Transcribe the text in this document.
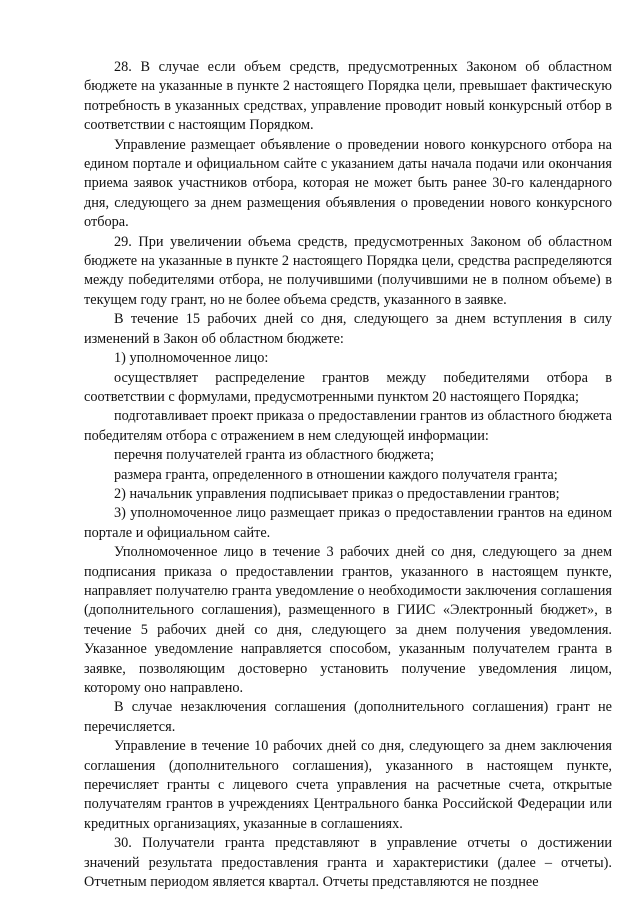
28. В случае если объем средств, предусмотренных Законом об областном бюджете на указанные в пункте 2 настоящего Порядка цели, превышает фактическую потребность в указанных средствах, управление проводит новый конкурсный отбор в соответствии с настоящим Порядком.

Управление размещает объявление о проведении нового конкурсного отбора на едином портале и официальном сайте с указанием даты начала подачи или окончания приема заявок участников отбора, которая не может быть ранее 30-го календарного дня, следующего за днем размещения объявления о проведении нового конкурсного отбора.

29. При увеличении объема средств, предусмотренных Законом об областном бюджете на указанные в пункте 2 настоящего Порядка цели, средства распределяются между победителями отбора, не получившими (получившими не в полном объеме) в текущем году грант, но не более объема средств, указанного в заявке.

В течение 15 рабочих дней со дня, следующего за днем вступления в силу изменений в Закон об областном бюджете:

1) уполномоченное лицо:

осуществляет распределение грантов между победителями отбора в соответствии с формулами, предусмотренными пунктом 20 настоящего Порядка;

подготавливает проект приказа о предоставлении грантов из областного бюджета победителям отбора с отражением в нем следующей информации:

перечня получателей гранта из областного бюджета;

размера гранта, определенного в отношении каждого получателя гранта;

2) начальник управления подписывает приказ о предоставлении грантов;

3) уполномоченное лицо размещает приказ о предоставлении грантов на едином портале и официальном сайте.

Уполномоченное лицо в течение 3 рабочих дней со дня, следующего за днем подписания приказа о предоставлении грантов, указанного в настоящем пункте, направляет получателю гранта уведомление о необходимости заключения соглашения (дополнительного соглашения), размещенного в ГИИС «Электронный бюджет», в течение 5 рабочих дней со дня, следующего за днем получения уведомления. Указанное уведомление направляется способом, указанным получателем гранта в заявке, позволяющим достоверно установить получение уведомления лицом, которому оно направлено.

В случае незаключения соглашения (дополнительного соглашения) грант не перечисляется.

Управление в течение 10 рабочих дней со дня, следующего за днем заключения соглашения (дополнительного соглашения), указанного в настоящем пункте, перечисляет гранты с лицевого счета управления на расчетные счета, открытые получателям грантов в учреждениях Центрального банка Российской Федерации или кредитных организациях, указанные в соглашениях.

30. Получатели гранта представляют в управление отчеты о достижении значений результата предоставления гранта и характеристики (далее – отчеты). Отчетным периодом является квартал. Отчеты представляются не позднее
